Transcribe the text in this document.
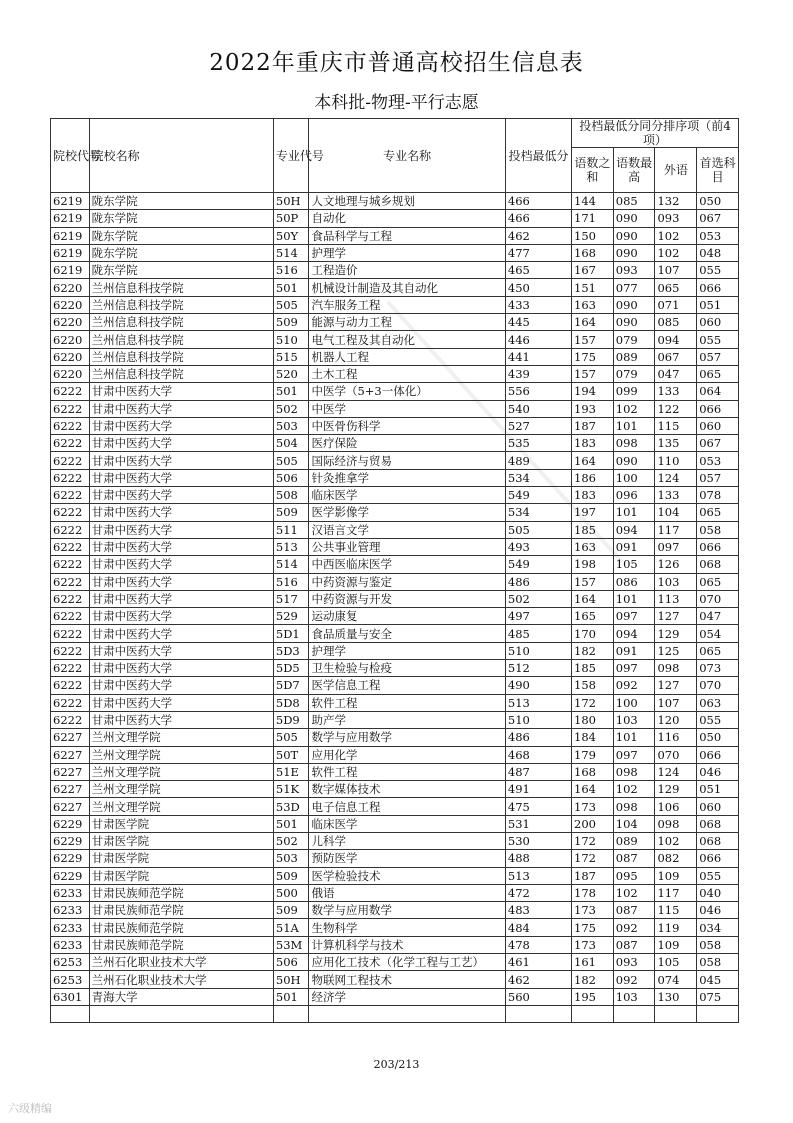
2022年重庆市普通高校招生信息表
本科批-物理-平行志愿
院校代号	院校名称	专业代号	专业名称	投档最低分	投档最低分同分排序项（前4项）			
					语数之和	语数最高	外语	首选科目
6219	陇东学院	50H	人文地理与城乡规划	466	144	085	132	050
6219	陇东学院	50P	自动化	466	171	090	093	067
6219	陇东学院	50Y	食品科学与工程	462	150	090	102	053
6219	陇东学院	514	护理学	477	168	090	102	048
6219	陇东学院	516	工程造价	465	167	093	107	055
6220	兰州信息科技学院	501	机械设计制造及其自动化	450	151	077	065	066
6220	兰州信息科技学院	505	汽车服务工程	433	163	090	071	051
6220	兰州信息科技学院	509	能源与动力工程	445	164	090	085	060
6220	兰州信息科技学院	510	电气工程及其自动化	446	157	079	094	055
6220	兰州信息科技学院	515	机器人工程	441	175	089	067	057
6220	兰州信息科技学院	520	土木工程	439	157	079	047	065
6222	甘肃中医药大学	501	中医学（5+3一体化）	556	194	099	133	064
6222	甘肃中医药大学	502	中医学	540	193	102	122	066
6222	甘肃中医药大学	503	中医骨伤科学	527	187	101	115	060
6222	甘肃中医药大学	504	医疗保险	535	183	098	135	067
6222	甘肃中医药大学	505	国际经济与贸易	489	164	090	110	053
6222	甘肃中医药大学	506	针灸推拿学	534	186	100	124	057
6222	甘肃中医药大学	508	临床医学	549	183	096	133	078
6222	甘肃中医药大学	509	医学影像学	534	197	101	104	065
6222	甘肃中医药大学	511	汉语言文学	505	185	094	117	058
6222	甘肃中医药大学	513	公共事业管理	493	163	091	097	066
6222	甘肃中医药大学	514	中西医临床医学	549	198	105	126	068
6222	甘肃中医药大学	516	中药资源与鉴定	486	157	086	103	065
6222	甘肃中医药大学	517	中药资源与开发	502	164	101	113	070
6222	甘肃中医药大学	529	运动康复	497	165	097	127	047
6222	甘肃中医药大学	5D1	食品质量与安全	485	170	094	129	054
6222	甘肃中医药大学	5D3	护理学	510	182	091	125	065
6222	甘肃中医药大学	5D5	卫生检验与检疫	512	185	097	098	073
6222	甘肃中医药大学	5D7	医学信息工程	490	158	092	127	070
6222	甘肃中医药大学	5D8	软件工程	513	172	100	107	063
6222	甘肃中医药大学	5D9	助产学	510	180	103	120	055
6227	兰州文理学院	505	数学与应用数学	486	184	101	116	050
6227	兰州文理学院	50T	应用化学	468	179	097	070	066
6227	兰州文理学院	51E	软件工程	487	168	098	124	046
6227	兰州文理学院	51K	数字媒体技术	491	164	102	129	051
6227	兰州文理学院	53D	电子信息工程	475	173	098	106	060
6229	甘肃医学院	501	临床医学	531	200	104	098	068
6229	甘肃医学院	502	儿科学	530	172	089	102	068
6229	甘肃医学院	503	预防医学	488	172	087	082	066
6229	甘肃医学院	509	医学检验技术	513	187	095	109	055
6233	甘肃民族师范学院	500	俄语	472	178	102	117	040
6233	甘肃民族师范学院	509	数学与应用数学	483	173	087	115	046
6233	甘肃民族师范学院	51A	生物科学	484	175	092	119	034
6233	甘肃民族师范学院	53M	计算机科学与技术	478	173	087	109	058
6253	兰州石化职业技术大学	506	应用化工技术（化学工程与工艺）	461	161	093	105	058
6253	兰州石化职业技术大学	50H	物联网工程技术	462	182	092	074	045
6301	青海大学	501	经济学	560	195	103	130	075

203/213
六级精编
